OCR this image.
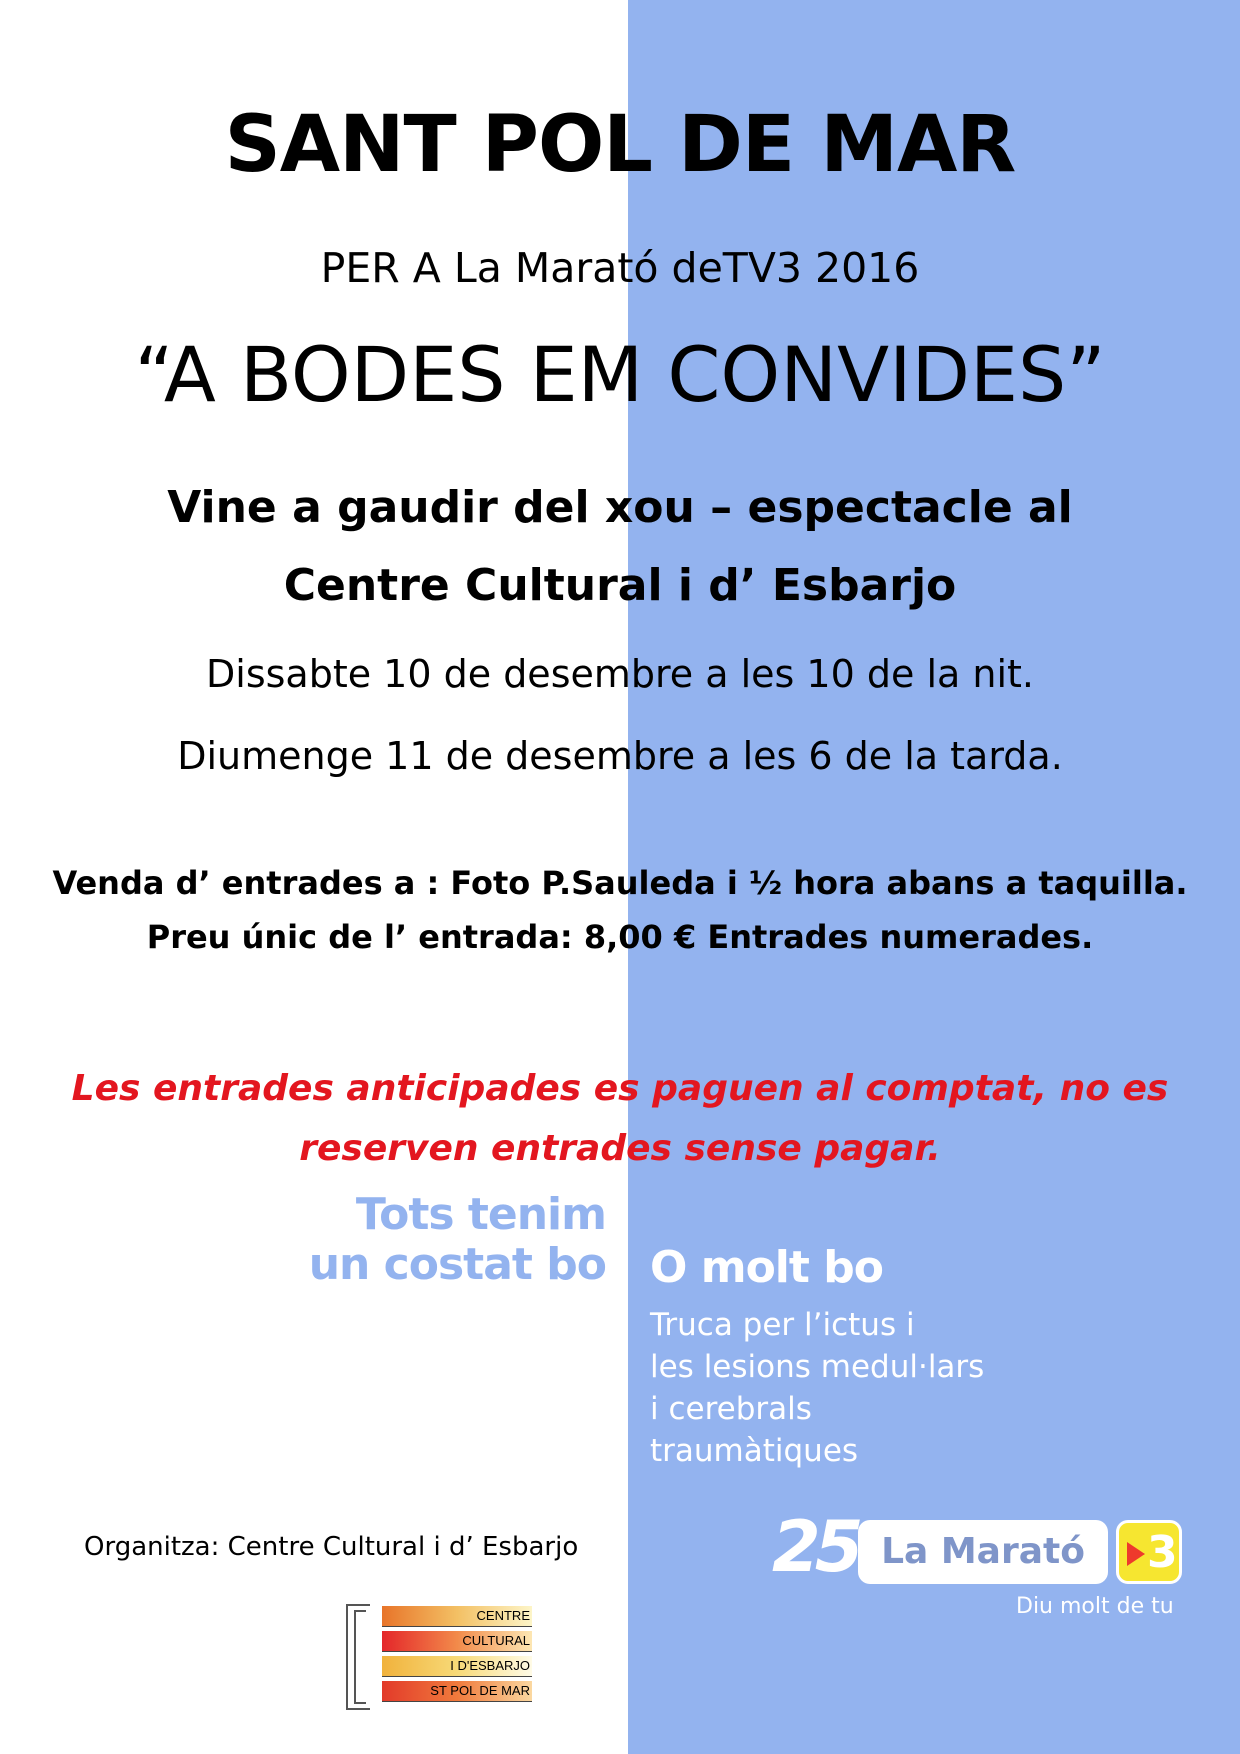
SANT POL DE MAR
PER A La Marató deTV3 2016
“A BODES EM CONVIDES”
Vine a gaudir del xou – espectacle al
Centre Cultural i d’ Esbarjo
Dissabte 10 de desembre a les 10 de la nit.
Diumenge 11 de desembre a les 6 de la tarda.
Venda d’ entrades a : Foto P.Sauleda i ½ hora abans a taquilla.
Preu únic de l’ entrada: 8,00 € Entrades numerades.
Les entrades anticipades es paguen al comptat, no es
reserven entrades sense pagar.
Tots tenim
un costat bo O molt bo
Truca per l’ictus i
les lesions medul·lars
i cerebrals
traumàtiques
Organitza: Centre Cultural i d’ Esbarjo
CENTRE
CULTURAL
I D'ESBARJO
ST POL DE MAR
25 La Marató	3
Diu molt de tu
